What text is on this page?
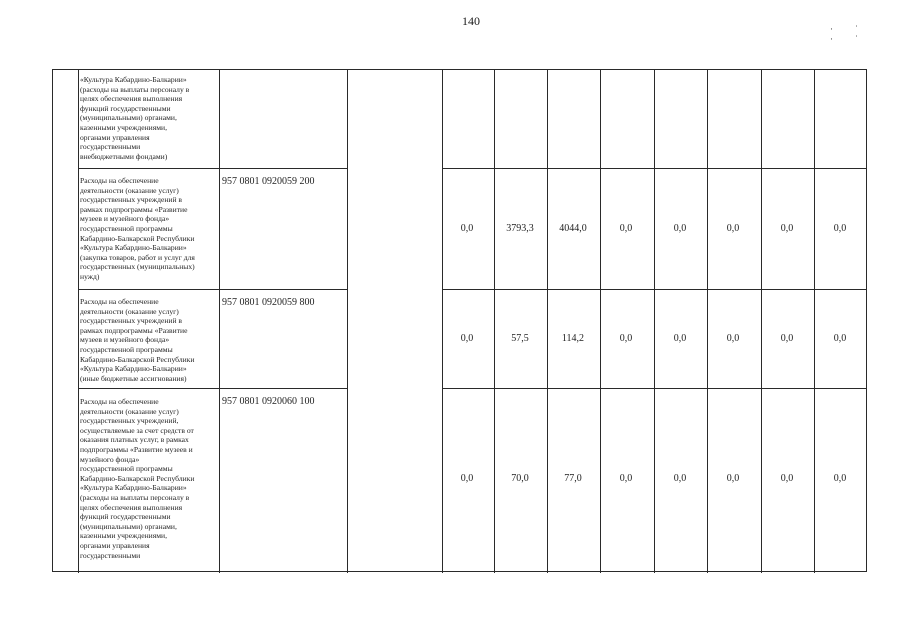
140
·˙ ·˙
«Культура Кабардино-Балкарии»
(расходы на выплаты персоналу в
целях обеспечения выполнения
функций государственными
(муниципальными) органами,
казенными учреждениями,
органами управления
государственными
внебюджетными фондами)
Расходы на обеспечение
деятельности (оказание услуг)
государственных учреждений в
рамках подпрограммы «Развитие
музеев и музейного фонда»
государственной программы
Кабардино-Балкарской Республики
«Культура Кабардино-Балкарии»
(закупка товаров, работ и услуг для
государственных (муниципальных)
нужд)
957 0801 0920059 200
0,0	3793,3	4044,0	0,0	0,0	0,0	0,0	0,0
Расходы на обеспечение
деятельности (оказание услуг)
государственных учреждений в
рамках подпрограммы «Развитие
музеев и музейного фонда»
государственной программы
Кабардино-Балкарской Республики
«Культура Кабардино-Балкарии»
(иные бюджетные ассигнования)
957 0801 0920059 800
0,0	57,5	114,2	0,0	0,0	0,0	0,0	0,0
Расходы на обеспечение
деятельности (оказание услуг)
государственных учреждений,
осуществляемые за счет средств от
оказания платных услуг, в рамках
подпрограммы «Развитие музеев и
музейного фонда»
государственной программы
Кабардино-Балкарской Республики
«Культура Кабардино-Балкарии»
(расходы на выплаты персоналу в
целях обеспечения выполнения
функций государственными
(муниципальными) органами,
казенными учреждениями,
органами управления
государственными
957 0801 0920060 100
0,0	70,0	77,0	0,0	0,0	0,0	0,0	0,0
